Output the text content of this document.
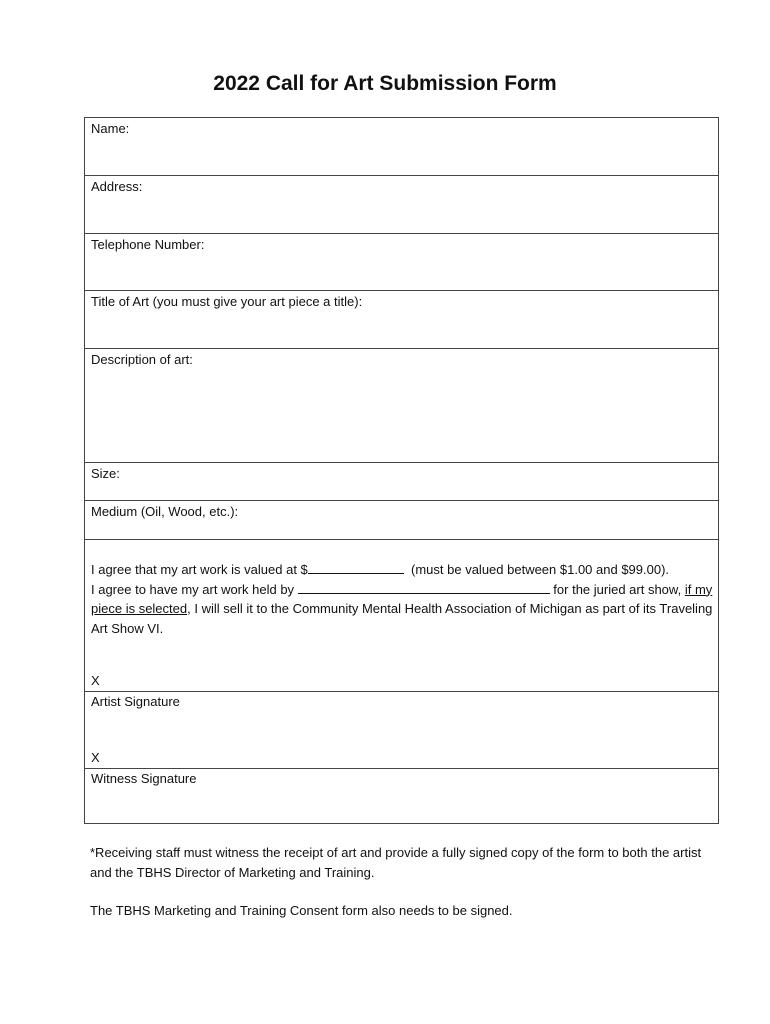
2022 Call for Art Submission Form
Name:
Address:
Telephone Number:
Title of Art (you must give your art piece a title):
Description of art:
Size:
Medium (Oil, Wood, etc.):
I agree that my art work is valued at $	(must be valued between $1.00 and $99.00).
I agree to have my art work held by	for the juried art show, if my piece is selected, I will sell it to the Community Mental Health Association of Michigan as part of its Traveling Art Show VI.
X
Artist Signature
X
Witness Signature
*Receiving staff must witness the receipt of art and provide a fully signed copy of the form to both the artist and the TBHS Director of Marketing and Training.
The TBHS Marketing and Training Consent form also needs to be signed.
